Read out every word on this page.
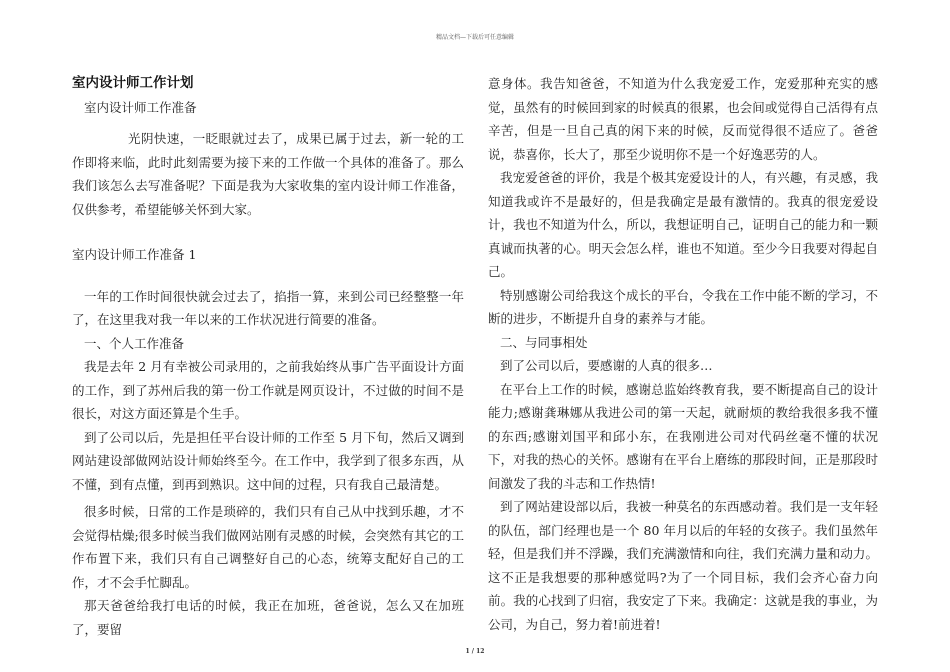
精品文档—下载后可任意编辑

室内设计师工作计划

室内设计师工作准备

光阴快速，一眨眼就过去了，成果已属于过去，新一轮的工作即将来临，此时此刻需要为接下来的工作做一个具体的准备了。那么我们该怎么去写准备呢？下面是我为大家收集的室内设计师工作准备，仅供参考，希望能够关怀到大家。

室内设计师工作准备 1

一年的工作时间很快就会过去了，掐指一算，来到公司已经整整一年了，在这里我对我一年以来的工作状况进行简要的准备。

一、个人工作准备

我是去年 2 月有幸被公司录用的，之前我始终从事广告平面设计方面的工作，到了苏州后我的第一份工作就是网页设计，不过做的时间不是很长，对这方面还算是个生手。

到了公司以后，先是担任平台设计师的工作至 5 月下旬，然后又调到网站建设部做网站设计师始终至今。在工作中，我学到了很多东西，从不懂，到有点懂，到再到熟识。这中间的过程，只有我自己最清楚。

很多时候，日常的工作是琐碎的，我们只有自己从中找到乐趣，才不会觉得枯燥;很多时候当我们做网站刚有灵感的时候，会突然有其它的工作布置下来，我们只有自己调整好自己的心态，统筹支配好自己的工作，才不会手忙脚乱。

那天爸爸给我打电话的时候，我正在加班，爸爸说，怎么又在加班了，要留

意身体。我告知爸爸，不知道为什么我宠爱工作，宠爱那种充实的感觉，虽然有的时候回到家的时候真的很累，也会间或觉得自己活得有点辛苦，但是一旦自己真的闲下来的时候，反而觉得很不适应了。爸爸说，恭喜你，长大了，那至少说明你不是一个好逸恶劳的人。

我宠爱爸爸的评价，我是个极其宠爱设计的人，有兴趣，有灵感，我知道我或许不是最好的，但是我确定是最有激情的。我真的很宠爱设计，我也不知道为什么，所以，我想证明自己，证明自己的能力和一颗真诚而执著的心。明天会怎么样，谁也不知道。至少今日我要对得起自己。

特别感谢公司给我这个成长的平台，令我在工作中能不断的学习，不断的进步，不断提升自身的素养与才能。

二、与同事相处

到了公司以后，要感谢的人真的很多…

在平台上工作的时候，感谢总监始终教育我，要不断提高自己的设计能力;感谢龚琳娜从我进公司的第一天起，就耐烦的教给我很多我不懂的东西;感谢刘国平和邱小东，在我刚进公司对代码丝毫不懂的状况下，对我的热心的关怀。感谢有在平台上磨练的那段时间，正是那段时间激发了我的斗志和工作热情!

到了网站建设部以后，我被一种莫名的东西感动着。我们是一支年轻的队伍，部门经理也是一个 80 年月以后的年轻的女孩子。我们虽然年轻，但是我们并不浮躁，我们充满激情和向往，我们充满力量和动力。这不正是我想要的那种感觉吗?为了一个同目标，我们会齐心奋力向前。我的心找到了归宿，我安定了下来。我确定：这就是我的事业，为公司，为自己，努力着!前进着!

1 / 12
